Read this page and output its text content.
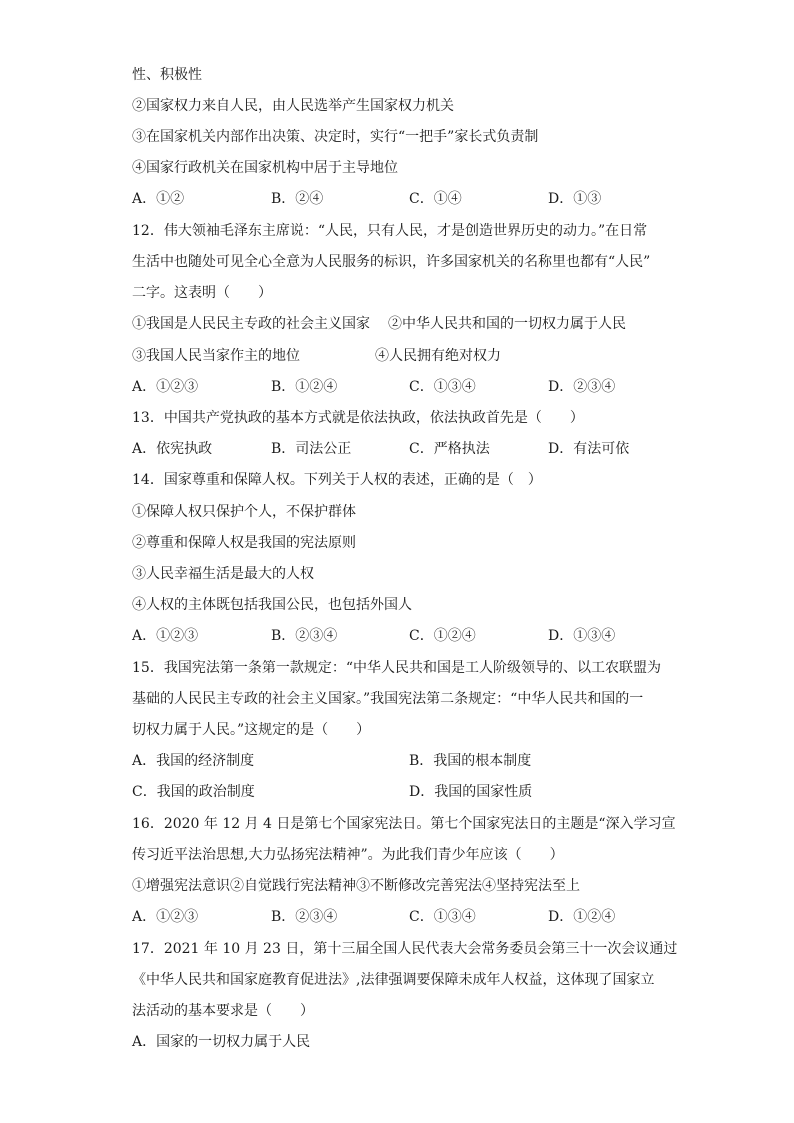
性、积极性
②国家权力来自人民，由人民选举产生国家权力机关
③在国家机关内部作出决策、决定时，实行“一把手”家长式负责制
④国家行政机关在国家机构中居于主导地位
A．①②	B．②④	C．①④	D．①③
12．伟大领袖毛泽东主席说：“人民，只有人民，才是创造世界历史的动力。”在日常
生活中也随处可见全心全意为人民服务的标识，许多国家机关的名称里也都有“人民”
二字。这表明（　　）
①我国是人民民主专政的社会主义国家 ②中华人民共和国的一切权力属于人民
③我国人民当家作主的地位	④人民拥有绝对权力
A．①②③	B．①②④	C．①③④	D．②③④
13．中国共产党执政的基本方式就是依法执政，依法执政首先是（　　）
A．依宪执政	B．司法公正	C．严格执法	D．有法可依
14．国家尊重和保障人权。下列关于人权的表述，正确的是（　）
①保障人权只保护个人，不保护群体
②尊重和保障人权是我国的宪法原则
③人民幸福生活是最大的人权
④人权的主体既包括我国公民，也包括外国人
A．①②③	B．②③④	C．①②④	D．①③④
15．我国宪法第一条第一款规定：“中华人民共和国是工人阶级领导的、以工农联盟为
基础的人民民主专政的社会主义国家。”我国宪法第二条规定：“中华人民共和国的一
切权力属于人民。”这规定的是（　　）
A．我国的经济制度	B．我国的根本制度
C．我国的政治制度	D．我国的国家性质
16．2020 年 12 月 4 日是第七个国家宪法日。第七个国家宪法日的主题是“深入学习宣
传习近平法治思想,大力弘扬宪法精神”。为此我们青少年应该（　　）
①增强宪法意识②自觉践行宪法精神③不断修改完善宪法④坚持宪法至上
A．①②③	B．②③④	C．①③④	D．①②④
17．2021 年 10 月 23 日，第十三届全国人民代表大会常务委员会第三十一次会议通过
《中华人民共和国家庭教育促进法》,法律强调要保障未成年人权益，这体现了国家立
法活动的基本要求是（　　）
A．国家的一切权力属于人民
